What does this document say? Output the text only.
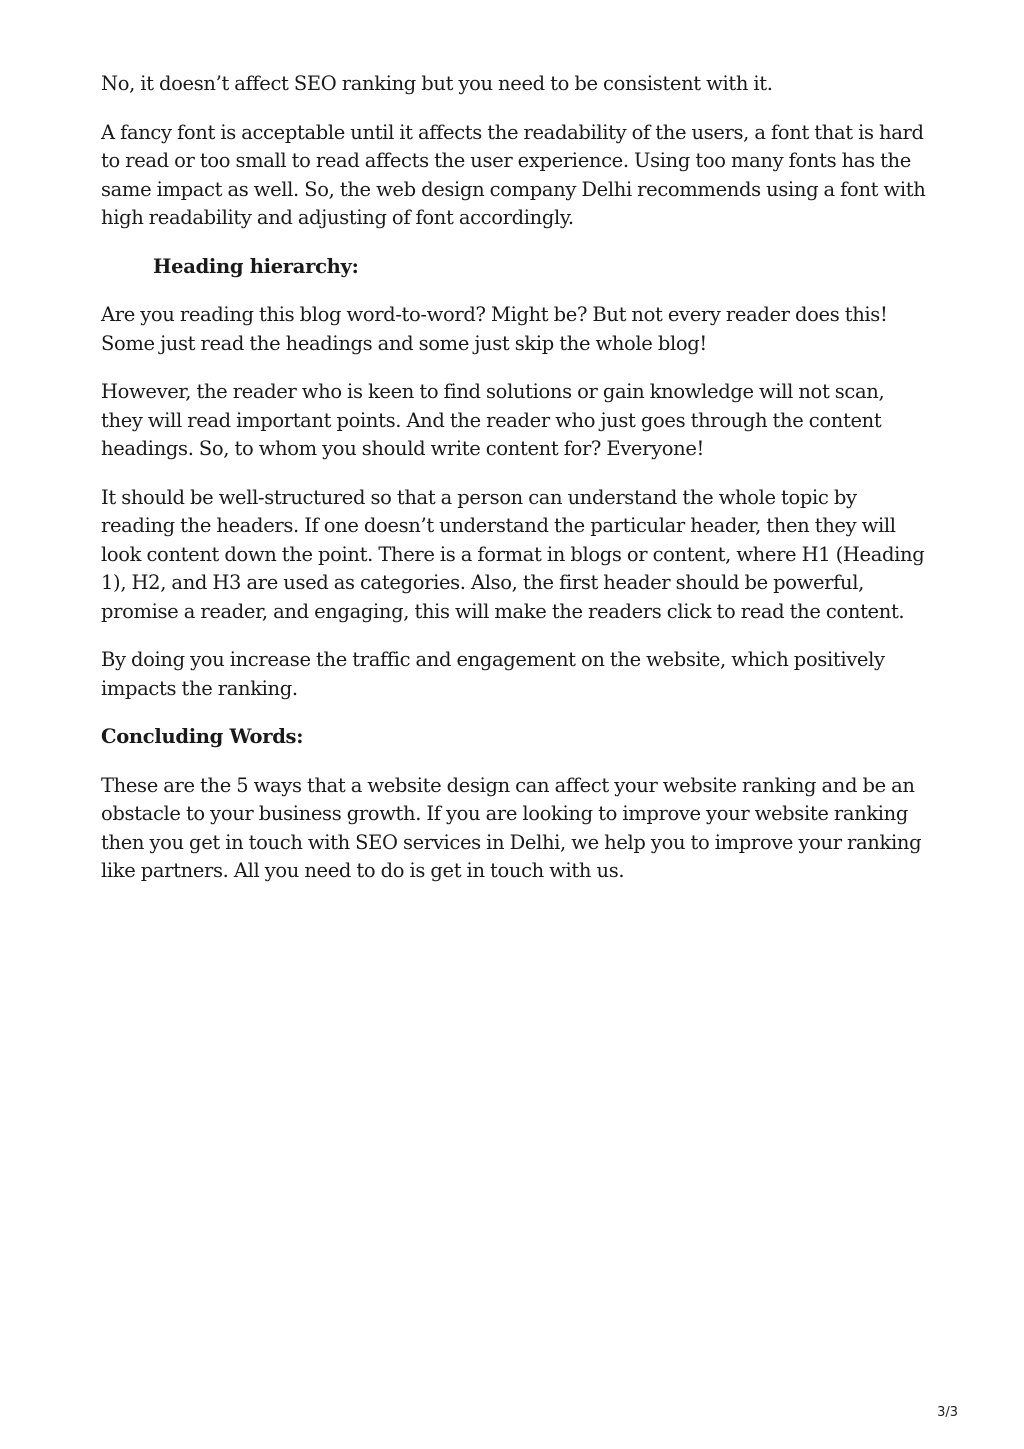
No, it doesn’t affect SEO ranking but you need to be consistent with it.

A fancy font is acceptable until it affects the readability of the users, a font that is hard to read or too small to read affects the user experience. Using too many fonts has the same impact as well. So, the web design company Delhi recommends using a font with high readability and adjusting of font accordingly.

Heading hierarchy:

Are you reading this blog word-to-word? Might be? But not every reader does this! Some just read the headings and some just skip the whole blog!

However, the reader who is keen to find solutions or gain knowledge will not scan, they will read important points. And the reader who just goes through the content headings. So, to whom you should write content for? Everyone!

It should be well-structured so that a person can understand the whole topic by reading the headers. If one doesn’t understand the particular header, then they will look content down the point. There is a format in blogs or content, where H1 (Heading 1), H2, and H3 are used as categories. Also, the first header should be powerful, promise a reader, and engaging, this will make the readers click to read the content.

By doing you increase the traffic and engagement on the website, which positively impacts the ranking.

Concluding Words:

These are the 5 ways that a website design can affect your website ranking and be an obstacle to your business growth. If you are looking to improve your website ranking then you get in touch with SEO services in Delhi, we help you to improve your ranking like partners. All you need to do is get in touch with us.

3/3
